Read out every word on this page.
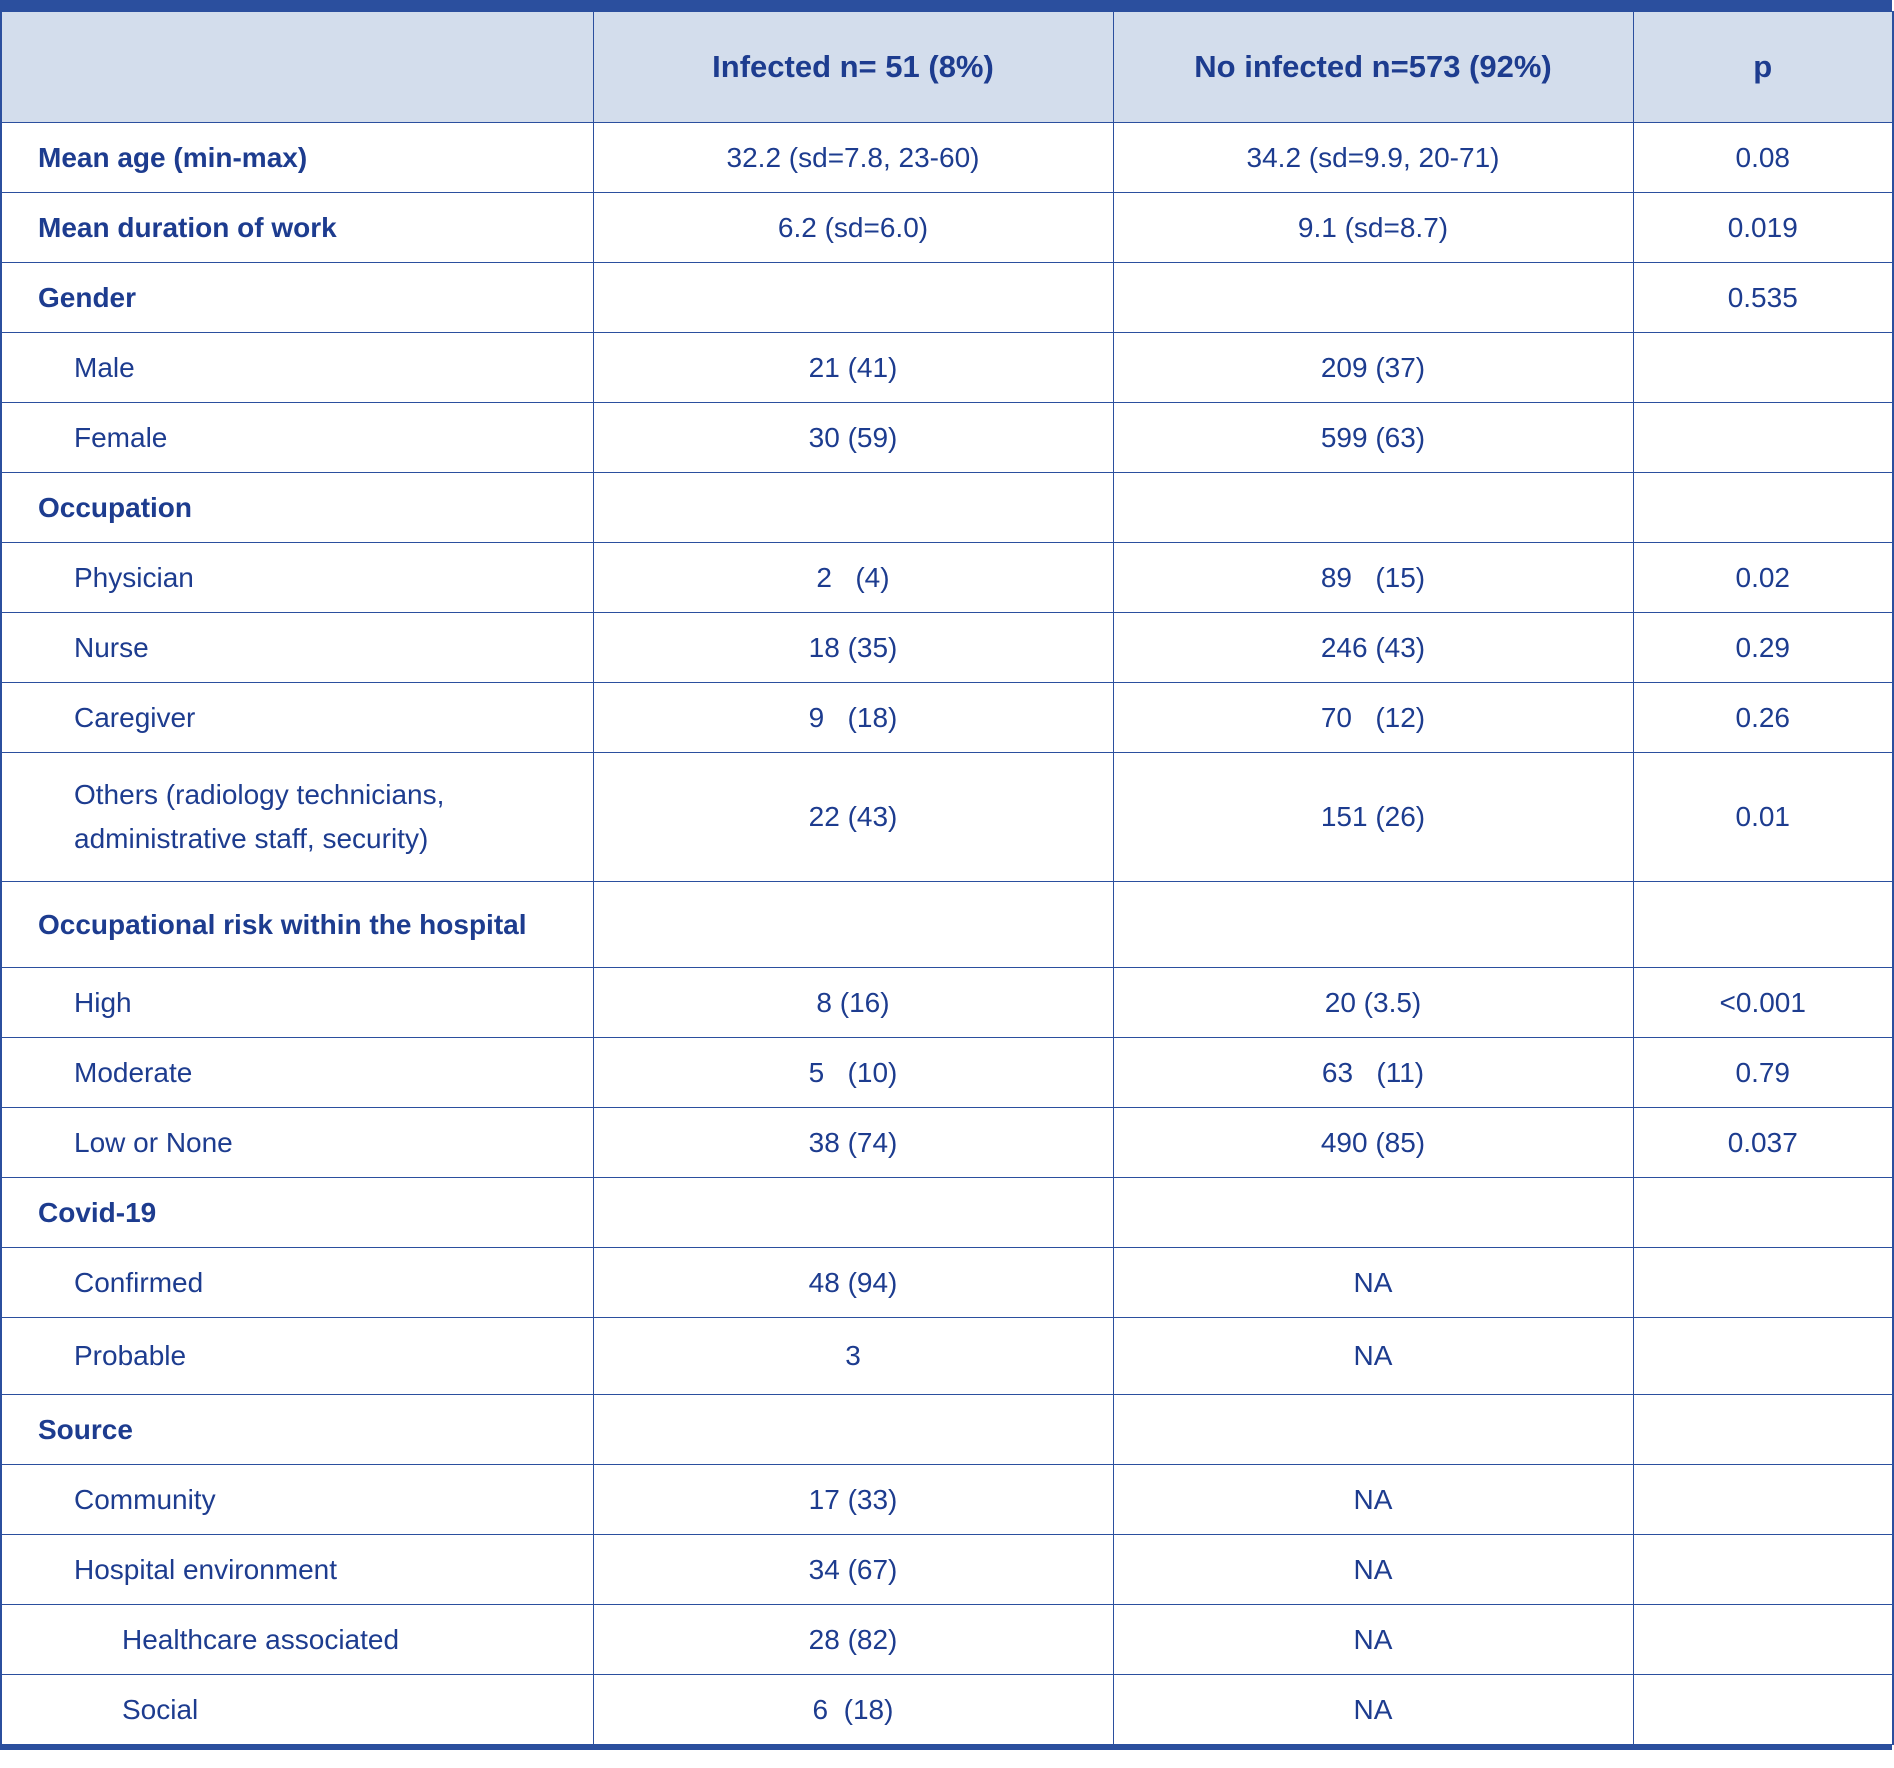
	Infected n= 51 (8%)	No infected n=573 (92%)	p
Mean age (min-max)	32.2 (sd=7.8, 23-60)	34.2 (sd=9.9, 20-71)	0.08
Mean duration of work	6.2 (sd=6.0)	9.1 (sd=8.7)	0.019
Gender			0.535
Male	21 (41)	209 (37)	
Female	30 (59)	599 (63)	
Occupation			
Physician	2   (4)	89   (15)	0.02
Nurse	18 (35)	246 (43)	0.29
Caregiver	9   (18)	70   (12)	0.26

Others (radiology technicians,
administrative staff, security)	22 (43)	151 (26)	0.01
Occupational risk within the hospital			
High	8 (16)	20 (3.5)	<0.001
Moderate	5   (10)	63   (11)	0.79
Low or None	38 (74)	490 (85)	0.037
Covid-19			
Confirmed	48 (94)	NA	
Probable	3	NA	
Source			
Community	17 (33)	NA	
Hospital environment	34 (67)	NA	
Healthcare associated	28 (82)	NA	
Social	6  (18)	NA	
